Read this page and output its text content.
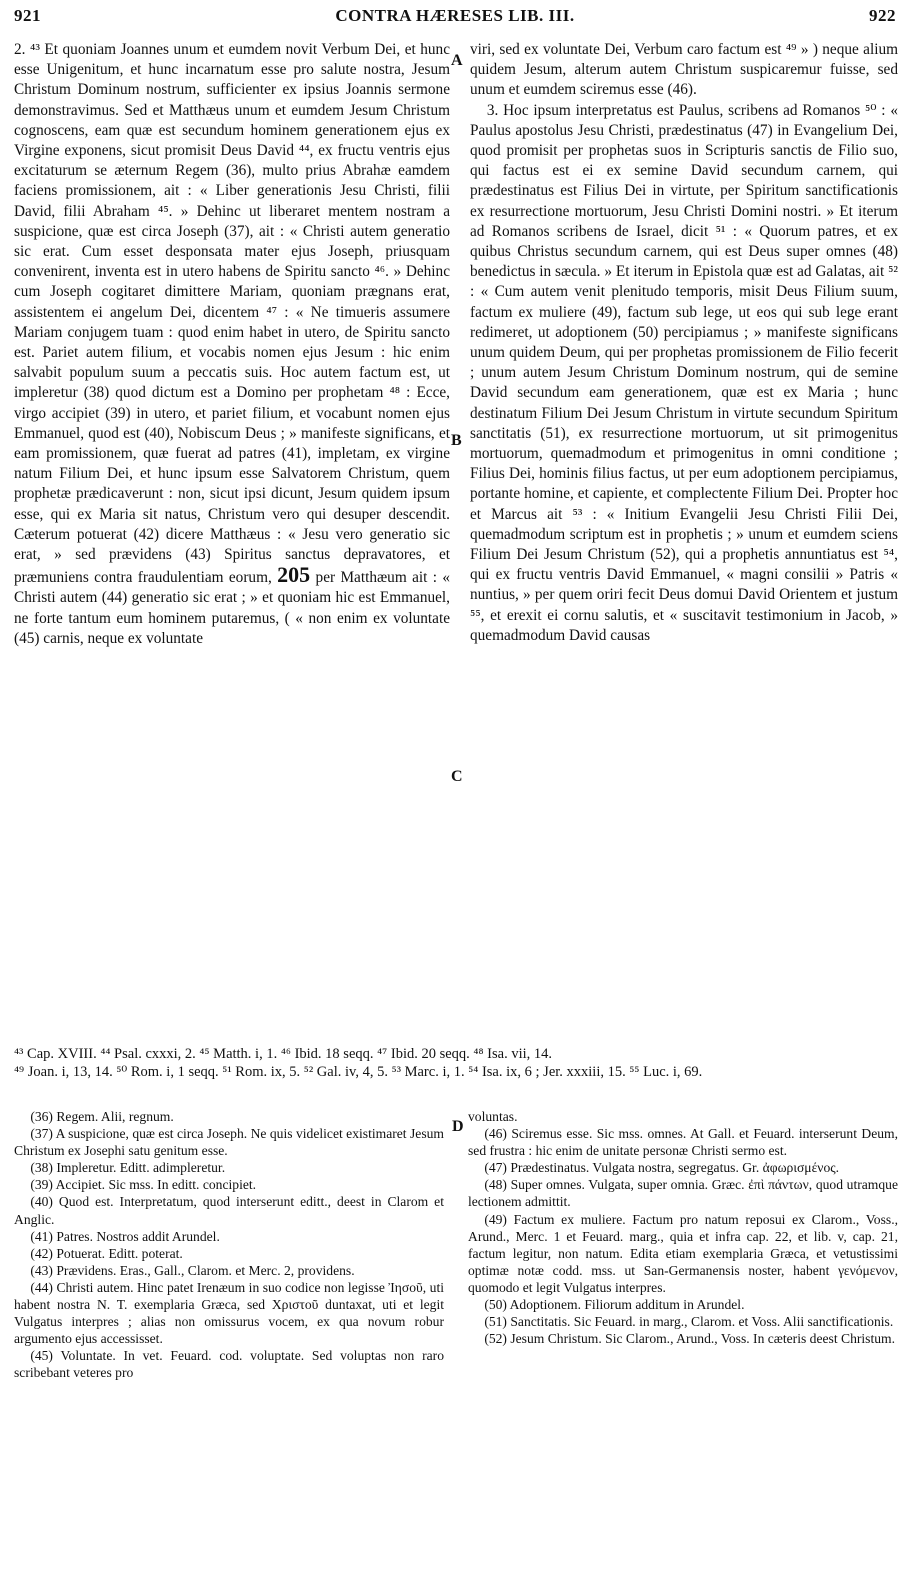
921	CONTRA HÆRESES LIB. III.	922
A
B
C
D

2. ⁴³ Et quoniam Joannes unum et eumdem novit Verbum Dei, et hunc esse Unigenitum, et hunc incarnatum esse pro salute nostra, Jesum Christum Dominum nostrum, sufficienter ex ipsius Joannis sermone demonstravimus. Sed et Matthæus unum et eumdem Jesum Christum cognoscens, eam quæ est secundum hominem generationem ejus ex Virgine exponens, sicut promisit Deus David ⁴⁴, ex fructu ventris ejus excitaturum se æternum Regem (36), multo prius Abrahæ eamdem faciens promissionem, ait : « Liber generationis Jesu Christi, filii David, filii Abraham ⁴⁵. » Dehinc ut liberaret mentem nostram a suspicione, quæ est circa Joseph (37), ait : « Christi autem generatio sic erat. Cum esset desponsata mater ejus Joseph, priusquam convenirent, inventa est in utero habens de Spiritu sancto ⁴⁶. » Dehinc cum Joseph cogitaret dimittere Mariam, quoniam prægnans erat, assistentem ei angelum Dei, dicentem ⁴⁷ : « Ne timueris assumere Mariam conjugem tuam : quod enim habet in utero, de Spiritu sancto est. Pariet autem filium, et vocabis nomen ejus Jesum : hic enim salvabit populum suum a peccatis suis. Hoc autem factum est, ut impleretur (38) quod dictum est a Domino per prophetam ⁴⁸ : Ecce, virgo accipiet (39) in utero, et pariet filium, et vocabunt nomen ejus Emmanuel, quod est (40), Nobiscum Deus ; » manifeste significans, et eam promissionem, quæ fuerat ad patres (41), impletam, ex virgine natum Filium Dei, et hunc ipsum esse Salvatorem Christum, quem prophetæ prædicaverunt : non, sicut ipsi dicunt, Jesum quidem ipsum esse, qui ex Maria sit natus, Christum vero qui desuper descendit. Cæterum potuerat (42) dicere Matthæus : « Jesu vero generatio sic erat, » sed prævidens (43) Spiritus sanctus depravatores, et præmuniens contra fraudulentiam eorum, 205 per Matthæum ait : « Christi autem (44) generatio sic erat ; » et quoniam hic est Emmanuel, ne forte tantum eum hominem putaremus, ( « non enim ex voluntate (45) carnis, neque ex voluntate

viri, sed ex voluntate Dei, Verbum caro factum est ⁴⁹ » ) neque alium quidem Jesum, alterum autem Christum suspicaremur fuisse, sed unum et eumdem sciremus esse (46).

3. Hoc ipsum interpretatus est Paulus, scribens ad Romanos ⁵⁰ : « Paulus apostolus Jesu Christi, prædestinatus (47) in Evangelium Dei, quod promisit per prophetas suos in Scripturis sanctis de Filio suo, qui factus est ei ex semine David secundum carnem, qui prædestinatus est Filius Dei in virtute, per Spiritum sanctificationis ex resurrectione mortuorum, Jesu Christi Domini nostri. » Et iterum ad Romanos scribens de Israel, dicit ⁵¹ : « Quorum patres, et ex quibus Christus secundum carnem, qui est Deus super omnes (48) benedictus in sæcula. » Et iterum in Epistola quæ est ad Galatas, ait ⁵² : « Cum autem venit plenitudo temporis, misit Deus Filium suum, factum ex muliere (49), factum sub lege, ut eos qui sub lege erant redimeret, ut adoptionem (50) percipiamus ; » manifeste significans unum quidem Deum, qui per prophetas promissionem de Filio fecerit ; unum autem Jesum Christum Dominum nostrum, qui de semine David secundum eam generationem, quæ est ex Maria ; hunc destinatum Filium Dei Jesum Christum in virtute secundum Spiritum sanctitatis (51), ex resurrectione mortuorum, ut sit primogenitus mortuorum, quemadmodum et primogenitus in omni conditione ; Filius Dei, hominis filius factus, ut per eum adoptionem percipiamus, portante homine, et capiente, et complectente Filium Dei. Propter hoc et Marcus ait ⁵³ : « Initium Evangelii Jesu Christi Filii Dei, quemadmodum scriptum est in prophetis ; » unum et eumdem sciens Filium Dei Jesum Christum (52), qui a prophetis annuntiatus est ⁵⁴, qui ex fructu ventris David Emmanuel, « magni consilii » Patris « nuntius, » per quem oriri fecit Deus domui David Orientem et justum ⁵⁵, et erexit ei cornu salutis, et « suscitavit testimonium in Jacob, » quemadmodum David causas

⁴³ Cap. XVIII. ⁴⁴ Psal. cxxxi, 2. ⁴⁵ Matth. i, 1. ⁴⁶ Ibid. 18 seqq. ⁴⁷ Ibid. 20 seqq. ⁴⁸ Isa. vii, 14.
⁴⁹ Joan. i, 13, 14. ⁵⁰ Rom. i, 1 seqq. ⁵¹ Rom. ix, 5. ⁵² Gal. iv, 4, 5. ⁵³ Marc. i, 1. ⁵⁴ Isa. ix, 6 ; Jer. xxxiii, 15. ⁵⁵ Luc. i, 69.

(36) Regem. Alii, regnum.

(37) A suspicione, quæ est circa Joseph. Ne quis videlicet existimaret Jesum Christum ex Josephi satu genitum esse.

(38) Impleretur. Editt. adimpleretur.

(39) Accipiet. Sic mss. In editt. concipiet.

(40) Quod est. Interpretatum, quod interserunt editt., deest in Clarom et Anglic.

(41) Patres. Nostros addit Arundel.

(42) Potuerat. Editt. poterat.

(43) Prævidens. Eras., Gall., Clarom. et Merc. 2, providens.

(44) Christi autem. Hinc patet Irenæum in suo codice non legisse Ἰησοῦ, uti habent nostra N. T. exemplaria Græca, sed Χριστοῦ duntaxat, uti et legit Vulgatus interpres ; alias non omissurus vocem, ex qua novum robur argumento ejus accessisset.

(45) Voluntate. In vet. Feuard. cod. voluptate. Sed voluptas non raro scribebant veteres pro

voluntas.

(46) Sciremus esse. Sic mss. omnes. At Gall. et Feuard. interserunt Deum, sed frustra : hic enim de unitate personæ Christi sermo est.

(47) Prædestinatus. Vulgata nostra, segregatus. Gr. ἀφωρισμένος.

(48) Super omnes. Vulgata, super omnia. Græc. ἐπὶ πάντων, quod utramque lectionem admittit.

(49) Factum ex muliere. Factum pro natum reposui ex Clarom., Voss., Arund., Merc. 1 et Feuard. marg., quia et infra cap. 22, et lib. v, cap. 21, factum legitur, non natum. Edita etiam exemplaria Græca, et vetustissimi optimæ notæ codd. mss. ut San-Germanensis noster, habent γενόμενον, quomodo et legit Vulgatus interpres.

(50) Adoptionem. Filiorum additum in Arundel.

(51) Sanctitatis. Sic Feuard. in marg., Clarom. et Voss. Alii sanctificationis.

(52) Jesum Christum. Sic Clarom., Arund., Voss. In cæteris deest Christum.
